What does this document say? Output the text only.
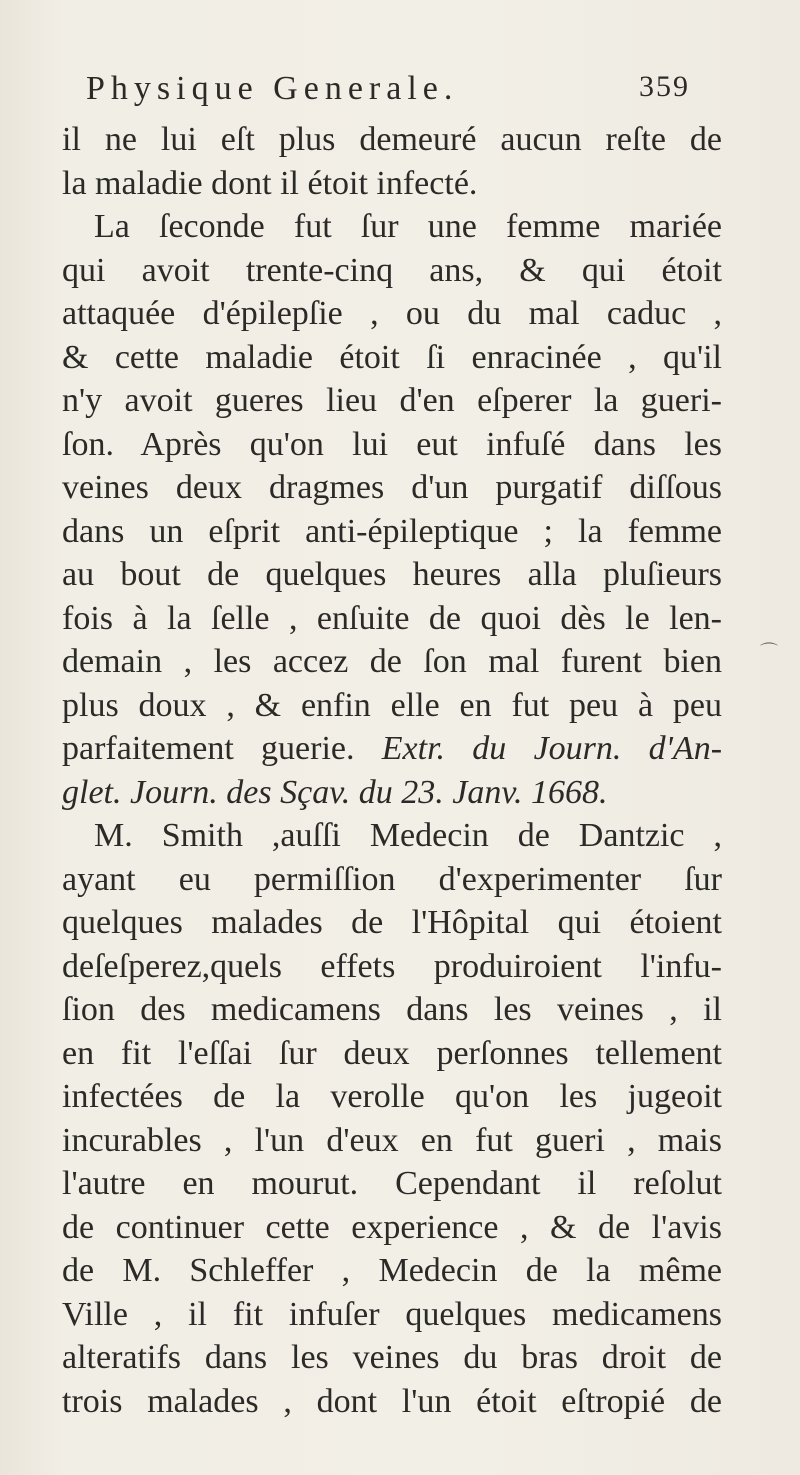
Physique Generale.	359
il ne lui eſt plus demeuré aucun reſte de
la maladie dont il étoit infecté.
La ſeconde fut ſur une femme mariée
qui avoit trente-cinq ans, & qui étoit
attaquée d'épilepſie , ou du mal caduc ,
& cette maladie étoit ſi enracinée , qu'il
n'y avoit gueres lieu d'en eſperer la gueri-
ſon. Après qu'on lui eut infuſé dans les
veines deux dragmes d'un purgatif diſſous
dans un eſprit anti-épileptique ; la femme
au bout de quelques heures alla pluſieurs
fois à la ſelle , enſuite de quoi dès le len-
demain , les accez de ſon mal furent bien
plus doux , & enfin elle en fut peu à peu
parfaitement guerie. Extr. du Journ. d'An-
glet. Journ. des Sçav. du 23. Janv. 1668.
M. Smith ,auſſi Medecin de Dantzic ,
ayant eu permiſſion d'experimenter ſur
quelques malades de l'Hôpital qui étoient
deſeſperez,quels effets produiroient l'infu-
ſion des medicamens dans les veines , il
en fit l'eſſai ſur deux perſonnes tellement
infectées de la verolle qu'on les jugeoit
incurables , l'un d'eux en fut gueri , mais
l'autre en mourut. Cependant il reſolut
de continuer cette experience , & de l'avis
de M. Schleffer , Medecin de la même
Ville , il fit infuſer quelques medicamens
alteratifs dans les veines du bras droit de
trois malades , dont l'un étoit eſtropié de
⌒
